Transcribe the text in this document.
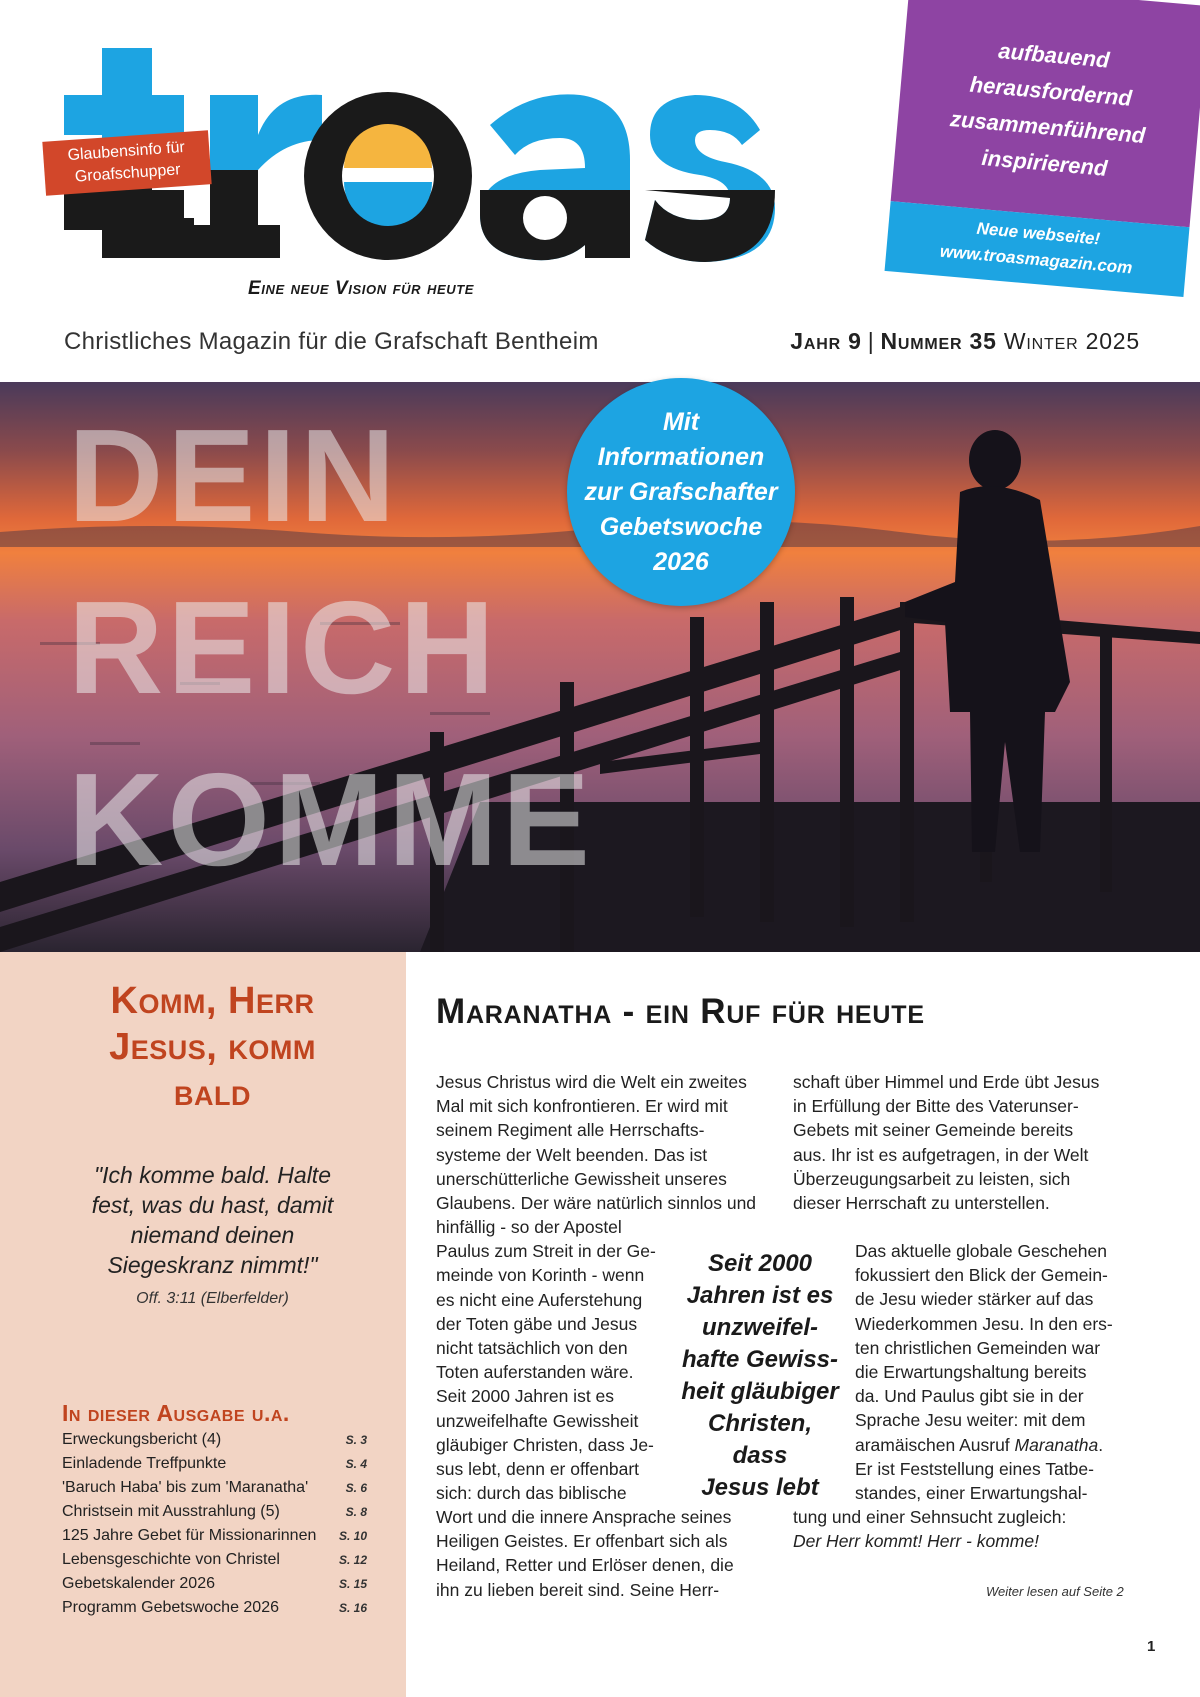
Glaubensinfo für
Groafschupper
Eine neue Vision für heute
aufbauend
herausfordernd
zusammenführend
inspirierend
Neue webseite!
www.troasmagazin.com
Christliches Magazin für die Grafschaft Bentheim	Jahr 9 | Nummer 35 Winter 2025
DEIN
REICH
KOMME
Mit
Informationen
zur Grafschafter
Gebetswoche
2026
Komm, Herr
Jesus, komm
bald
"Ich komme bald. Halte
fest, was du hast, damit
niemand deinen
Siegeskranz nimmt!"
Off. 3:11 (Elberfelder)
In dieser Ausgabe u.a.
Erweckungsbericht (4)	S. 3
Einladende Treffpunkte	S. 4
'Baruch Haba' bis zum 'Maranatha'	S. 6
Christsein mit Ausstrahlung (5)	S. 8
125 Jahre Gebet für Missionarinnen S. 10
Lebensgeschichte von Christel	S. 12
Gebetskalender 2026	S. 15
Programm Gebetswoche 2026	S. 16
Maranatha - ein Ruf für heute

Jesus Christus wird die Welt ein zweites

Mal mit sich konfrontieren. Er wird mit

seinem Regiment alle Herrschafts-

systeme der Welt beenden. Das ist

unerschütterliche Gewissheit unseres

Glaubens. Der wäre natürlich sinnlos und

hinfällig - so der Apostel

Paulus zum Streit in der Ge-

meinde von Korinth - wenn

es nicht eine Auferstehung

der Toten gäbe und Jesus

nicht tatsächlich von den

Toten auferstanden wäre.

Seit 2000 Jahren ist es

unzweifelhafte Gewissheit

gläubiger Christen, dass Je-

sus lebt, denn er offenbart

sich: durch das biblische

Wort und die innere Ansprache seines

Heiligen Geistes. Er offenbart sich als

Heiland, Retter und Erlöser denen, die

ihn zu lieben bereit sind. Seine Herr-

schaft über Himmel und Erde übt Jesus

in Erfüllung der Bitte des Vaterunser-

Gebets mit seiner Gemeinde bereits

aus. Ihr ist es aufgetragen, in der Welt

Überzeugungsarbeit zu leisten, sich

dieser Herrschaft zu unterstellen.

Das aktuelle globale Geschehen

fokussiert den Blick der Gemein-

de Jesu wieder stärker auf das

Wiederkommen Jesu. In den ers-

ten christlichen Gemeinden war

die Erwartungshaltung bereits

da. Und Paulus gibt sie in der

Sprache Jesu weiter: mit dem

aramäischen Ausruf Maranatha.

Er ist Feststellung eines Tatbe-

standes, einer Erwartungshal-

tung und einer Sehnsucht zugleich:

Der Herr kommt! Herr - komme!

Seit 2000
Jahren ist es
unzweifel-
hafte Gewiss-
heit gläubiger
Christen, dass
Jesus lebt
Weiter lesen auf Seite 2
1
